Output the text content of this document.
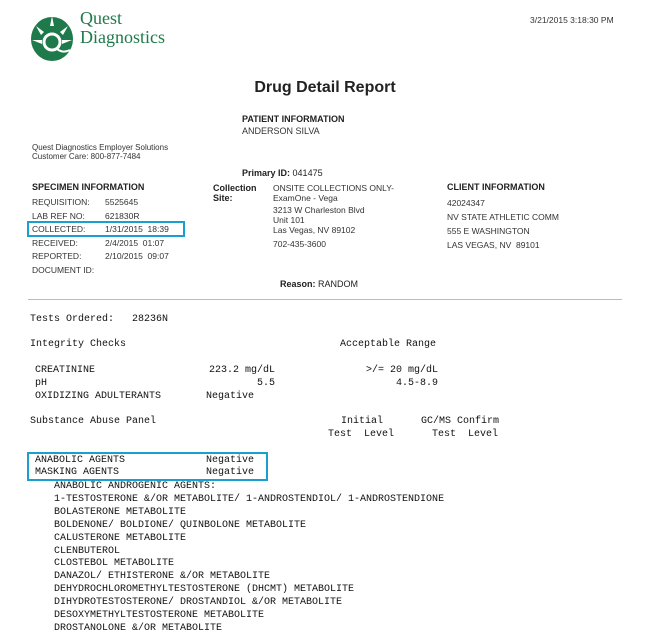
Quest
Diagnostics
3/21/2015 3:18:30 PM
Drug Detail Report
PATIENT INFORMATION
ANDERSON SILVA
Quest Diagnostics Employer Solutions
Customer Care: 800-877-7484
Primary ID: 041475
SPECIMEN INFORMATION	Collection
Site:
CLIENT INFORMATION
Reason: RANDOM
Tests Ordered: 28236N
Integrity Checks	Acceptable Range
Substance Abuse Panel	Initial
Test  Level
GC/MS Confirm
Test  Level
REQUISITION: 5525645
LAB REF NO: 621830R
COLLECTED: 1/31/2015  18:39
RECEIVED:	2/4/2015  01:07
REPORTED:	2/10/2015  09:07
DOCUMENT ID:
ONSITE COLLECTIONS ONLY-
ExamOne - Vega
3213 W Charleston Blvd
Unit 101
Las Vegas, NV 89102
702-435-3600
42024347
NV STATE ATHLETIC COMM
555 E WASHINGTON
LAS VEGAS, NV  89101
CREATININE	223.2 mg/dL	>/= 20 mg/dL
pH	5.5	4.5-8.9
OXIDIZING ADULTERANTS	Negative
ANABOLIC AGENTS	Negative
MASKING AGENTS	Negative
ANABOLIC ANDROGENIC AGENTS:
1-TESTOSTERONE &/OR METABOLITE/ 1-ANDROSTENDIOL/ 1-ANDROSTENDIONE
BOLASTERONE METABOLITE
BOLDENONE/ BOLDIONE/ QUINBOLONE METABOLITE
CALUSTERONE METABOLITE
CLENBUTEROL
CLOSTEBOL METABOLITE
DANAZOL/ ETHISTERONE &/OR METABOLITE
DEHYDROCHLOROMETHYLTESTOSTERONE (DHCMT) METABOLITE
DIHYDROTESTOSTERONE/ DROSTANDIOL &/OR METABOLITE
DESOXYMETHYLTESTOSTERONE METABOLITE
DROSTANOLONE &/OR METABOLITE
